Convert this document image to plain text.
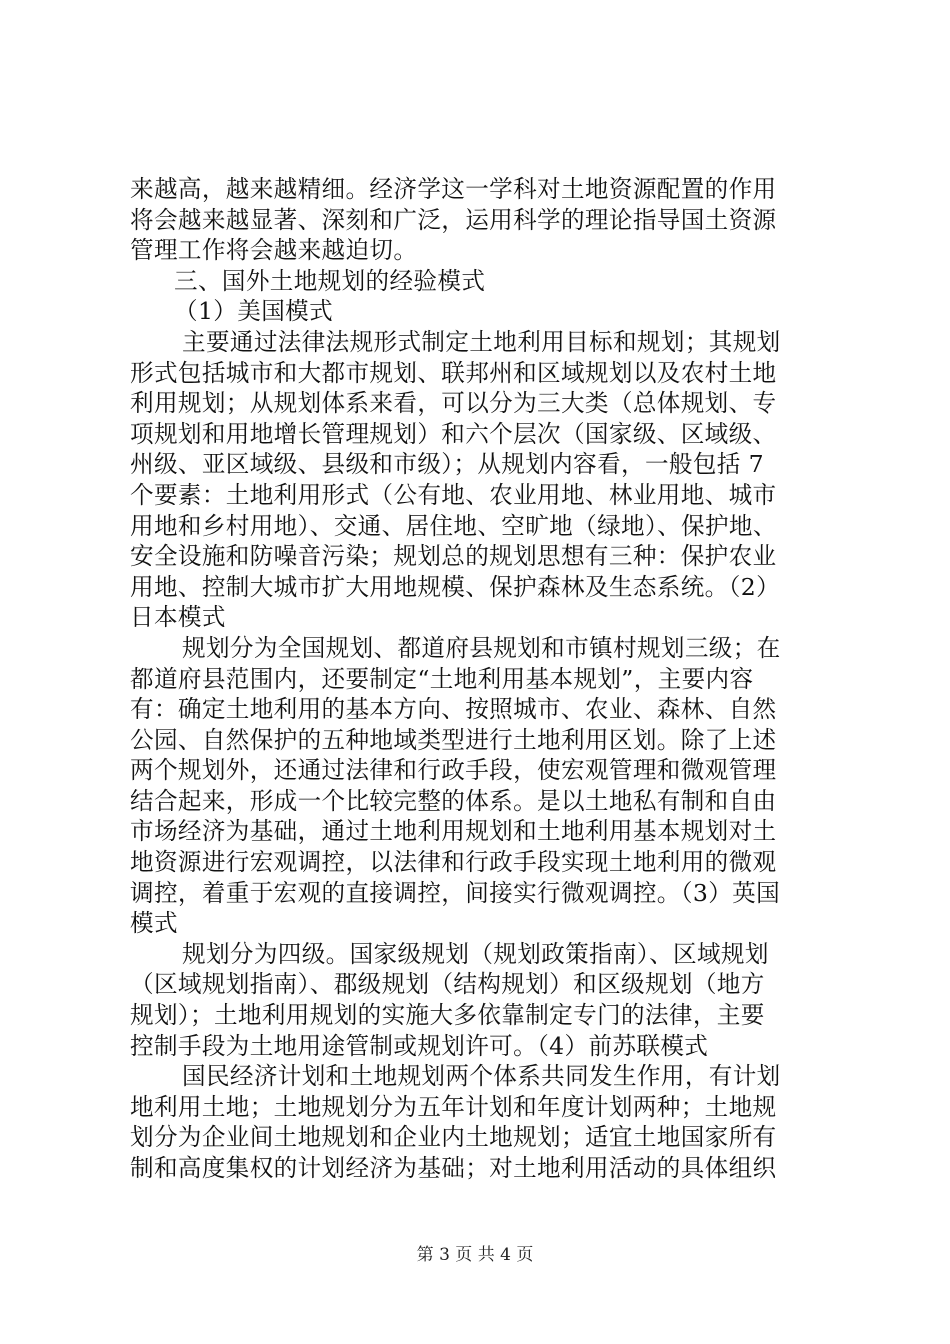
来越高，越来越精细。经济学这一学科对土地资源配置的作用
将会越来越显著、深刻和广泛，运用科学的理论指导国土资源
管理工作将会越来越迫切。
三、国外土地规划的经验模式
（1）美国模式
主要通过法律法规形式制定土地利用目标和规划；其规划
形式包括城市和大都市规划、联邦州和区域规划以及农村土地
利用规划；从规划体系来看，可以分为三大类（总体规划、专
项规划和用地增长管理规划）和六个层次（国家级、区域级、
州级、亚区域级、县级和市级）；从规划内容看，一般包括 7
个要素：土地利用形式（公有地、农业用地、林业用地、城市
用地和乡村用地）、交通、居住地、空旷地（绿地）、保护地、
安全设施和防噪音污染；规划总的规划思想有三种：保护农业
用地、控制大城市扩大用地规模、保护森林及生态系统。（2）
日本模式
规划分为全国规划、都道府县规划和市镇村规划三级；在
都道府县范围内，还要制定“土地利用基本规划”，主要内容
有：确定土地利用的基本方向、按照城市、农业、森林、自然
公园、自然保护的五种地域类型进行土地利用区划。除了上述
两个规划外，还通过法律和行政手段，使宏观管理和微观管理
结合起来，形成一个比较完整的体系。是以土地私有制和自由
市场经济为基础，通过土地利用规划和土地利用基本规划对土
地资源进行宏观调控，以法律和行政手段实现土地利用的微观
调控，着重于宏观的直接调控，间接实行微观调控。（3）英国
模式
规划分为四级。国家级规划（规划政策指南）、区域规划
（区域规划指南）、郡级规划（结构规划）和区级规划（地方
规划）；土地利用规划的实施大多依靠制定专门的法律，主要
控制手段为土地用途管制或规划许可。（4）前苏联模式
国民经济计划和土地规划两个体系共同发生作用，有计划
地利用土地；土地规划分为五年计划和年度计划两种；土地规
划分为企业间土地规划和企业内土地规划；适宜土地国家所有
制和高度集权的计划经济为基础；对土地利用活动的具体组织
第 3 页 共 4 页
